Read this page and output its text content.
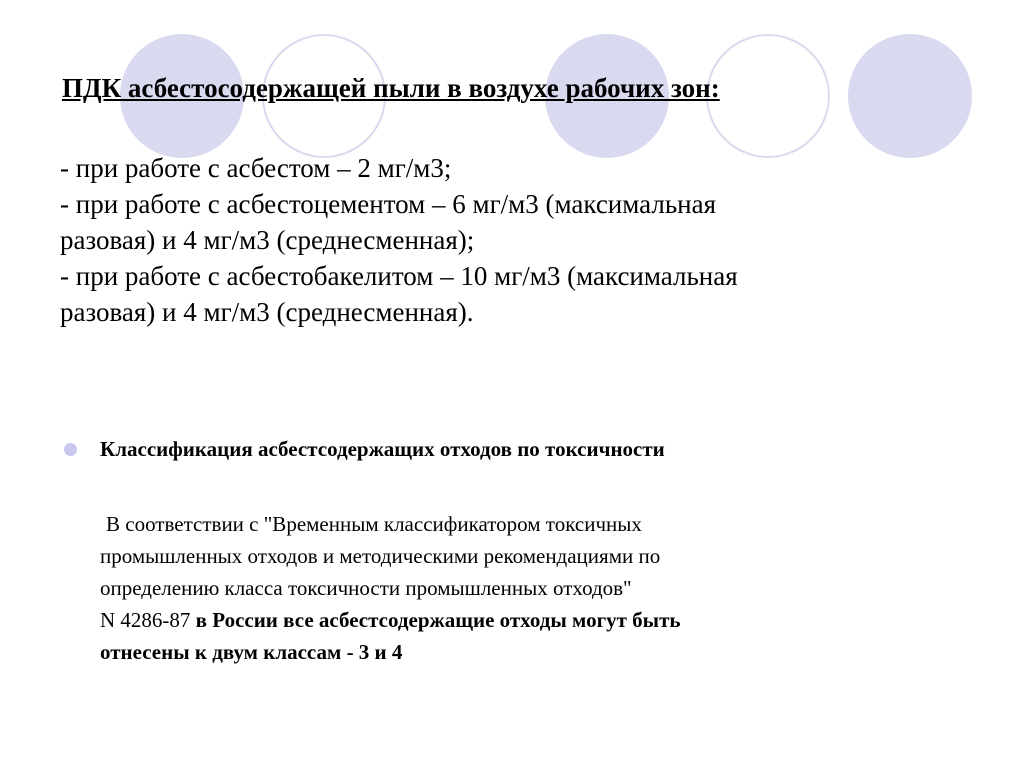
ПДК асбестосодержащей пыли в воздухе рабочих зон:
- при работе с асбестом – 2 мг/м3;
- при работе с асбестоцементом – 6 мг/м3 (максимальная
разовая) и 4 мг/м3 (среднесменная);
- при работе с асбестобакелитом – 10 мг/м3 (максимальная
разовая) и 4 мг/м3 (среднесменная).
Классификация асбестсодержащих отходов по токсичности
В соответствии с "Временным классификатором токсичных
промышленных отходов и методическими рекомендациями по
определению класса токсичности промышленных отходов"
N 4286-87 в России все асбестсодержащие отходы могут быть
отнесены к двум классам - 3 и 4
